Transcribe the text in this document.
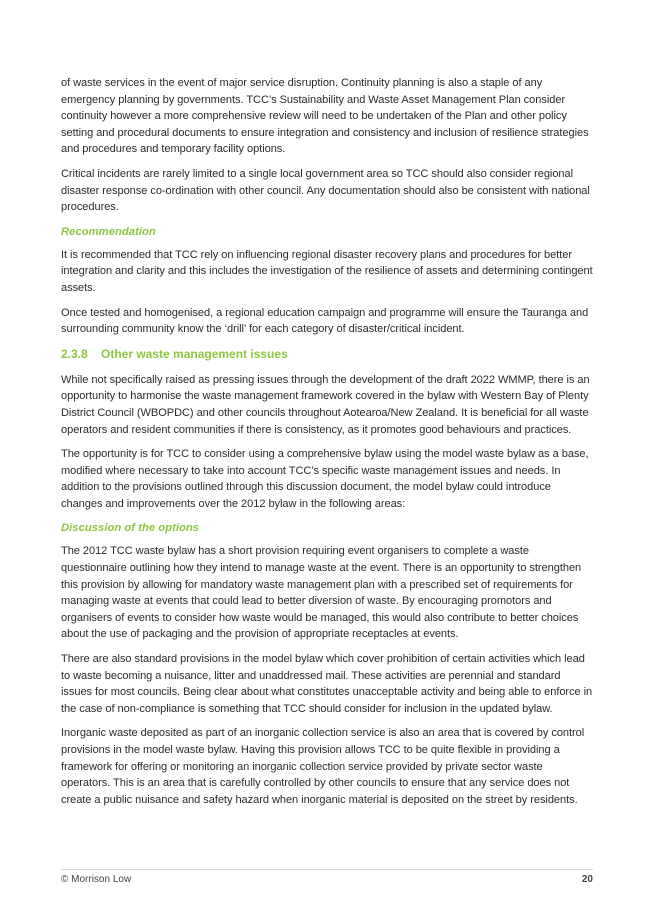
of waste services in the event of major service disruption. Continuity planning is also a staple of any emergency planning by governments. TCC’s Sustainability and Waste Asset Management Plan consider continuity however a more comprehensive review will need to be undertaken of the Plan and other policy setting and procedural documents to ensure integration and consistency and inclusion of resilience strategies and procedures and temporary facility options.

Critical incidents are rarely limited to a single local government area so TCC should also consider regional disaster response co-ordination with other council. Any documentation should also be consistent with national procedures.

Recommendation

It is recommended that TCC rely on influencing regional disaster recovery plans and procedures for better integration and clarity and this includes the investigation of the resilience of assets and determining contingent assets.

Once tested and homogenised, a regional education campaign and programme will ensure the Tauranga and surrounding community know the ‘drill’ for each category of disaster/critical incident.

2.3.8 Other waste management issues

While not specifically raised as pressing issues through the development of the draft 2022 WMMP, there is an opportunity to harmonise the waste management framework covered in the bylaw with Western Bay of Plenty District Council (WBOPDC) and other councils throughout Aotearoa/New Zealand. It is beneficial for all waste operators and resident communities if there is consistency, as it promotes good behaviours and practices.

The opportunity is for TCC to consider using a comprehensive bylaw using the model waste bylaw as a base, modified where necessary to take into account TCC’s specific waste management issues and needs. In addition to the provisions outlined through this discussion document, the model bylaw could introduce changes and improvements over the 2012 bylaw in the following areas:

Discussion of the options

The 2012 TCC waste bylaw has a short provision requiring event organisers to complete a waste questionnaire outlining how they intend to manage waste at the event. There is an opportunity to strengthen this provision by allowing for mandatory waste management plan with a prescribed set of requirements for managing waste at events that could lead to better diversion of waste. By encouraging promotors and organisers of events to consider how waste would be managed, this would also contribute to better choices about the use of packaging and the provision of appropriate receptacles at events.

There are also standard provisions in the model bylaw which cover prohibition of certain activities which lead to waste becoming a nuisance, litter and unaddressed mail. These activities are perennial and standard issues for most councils. Being clear about what constitutes unacceptable activity and being able to enforce in the case of non-compliance is something that TCC should consider for inclusion in the updated bylaw.

Inorganic waste deposited as part of an inorganic collection service is also an area that is covered by control provisions in the model waste bylaw. Having this provision allows TCC to be quite flexible in providing a framework for offering or monitoring an inorganic collection service provided by private sector waste operators. This is an area that is carefully controlled by other councils to ensure that any service does not create a public nuisance and safety hazard when inorganic material is deposited on the street by residents.

© Morrison Low	20
